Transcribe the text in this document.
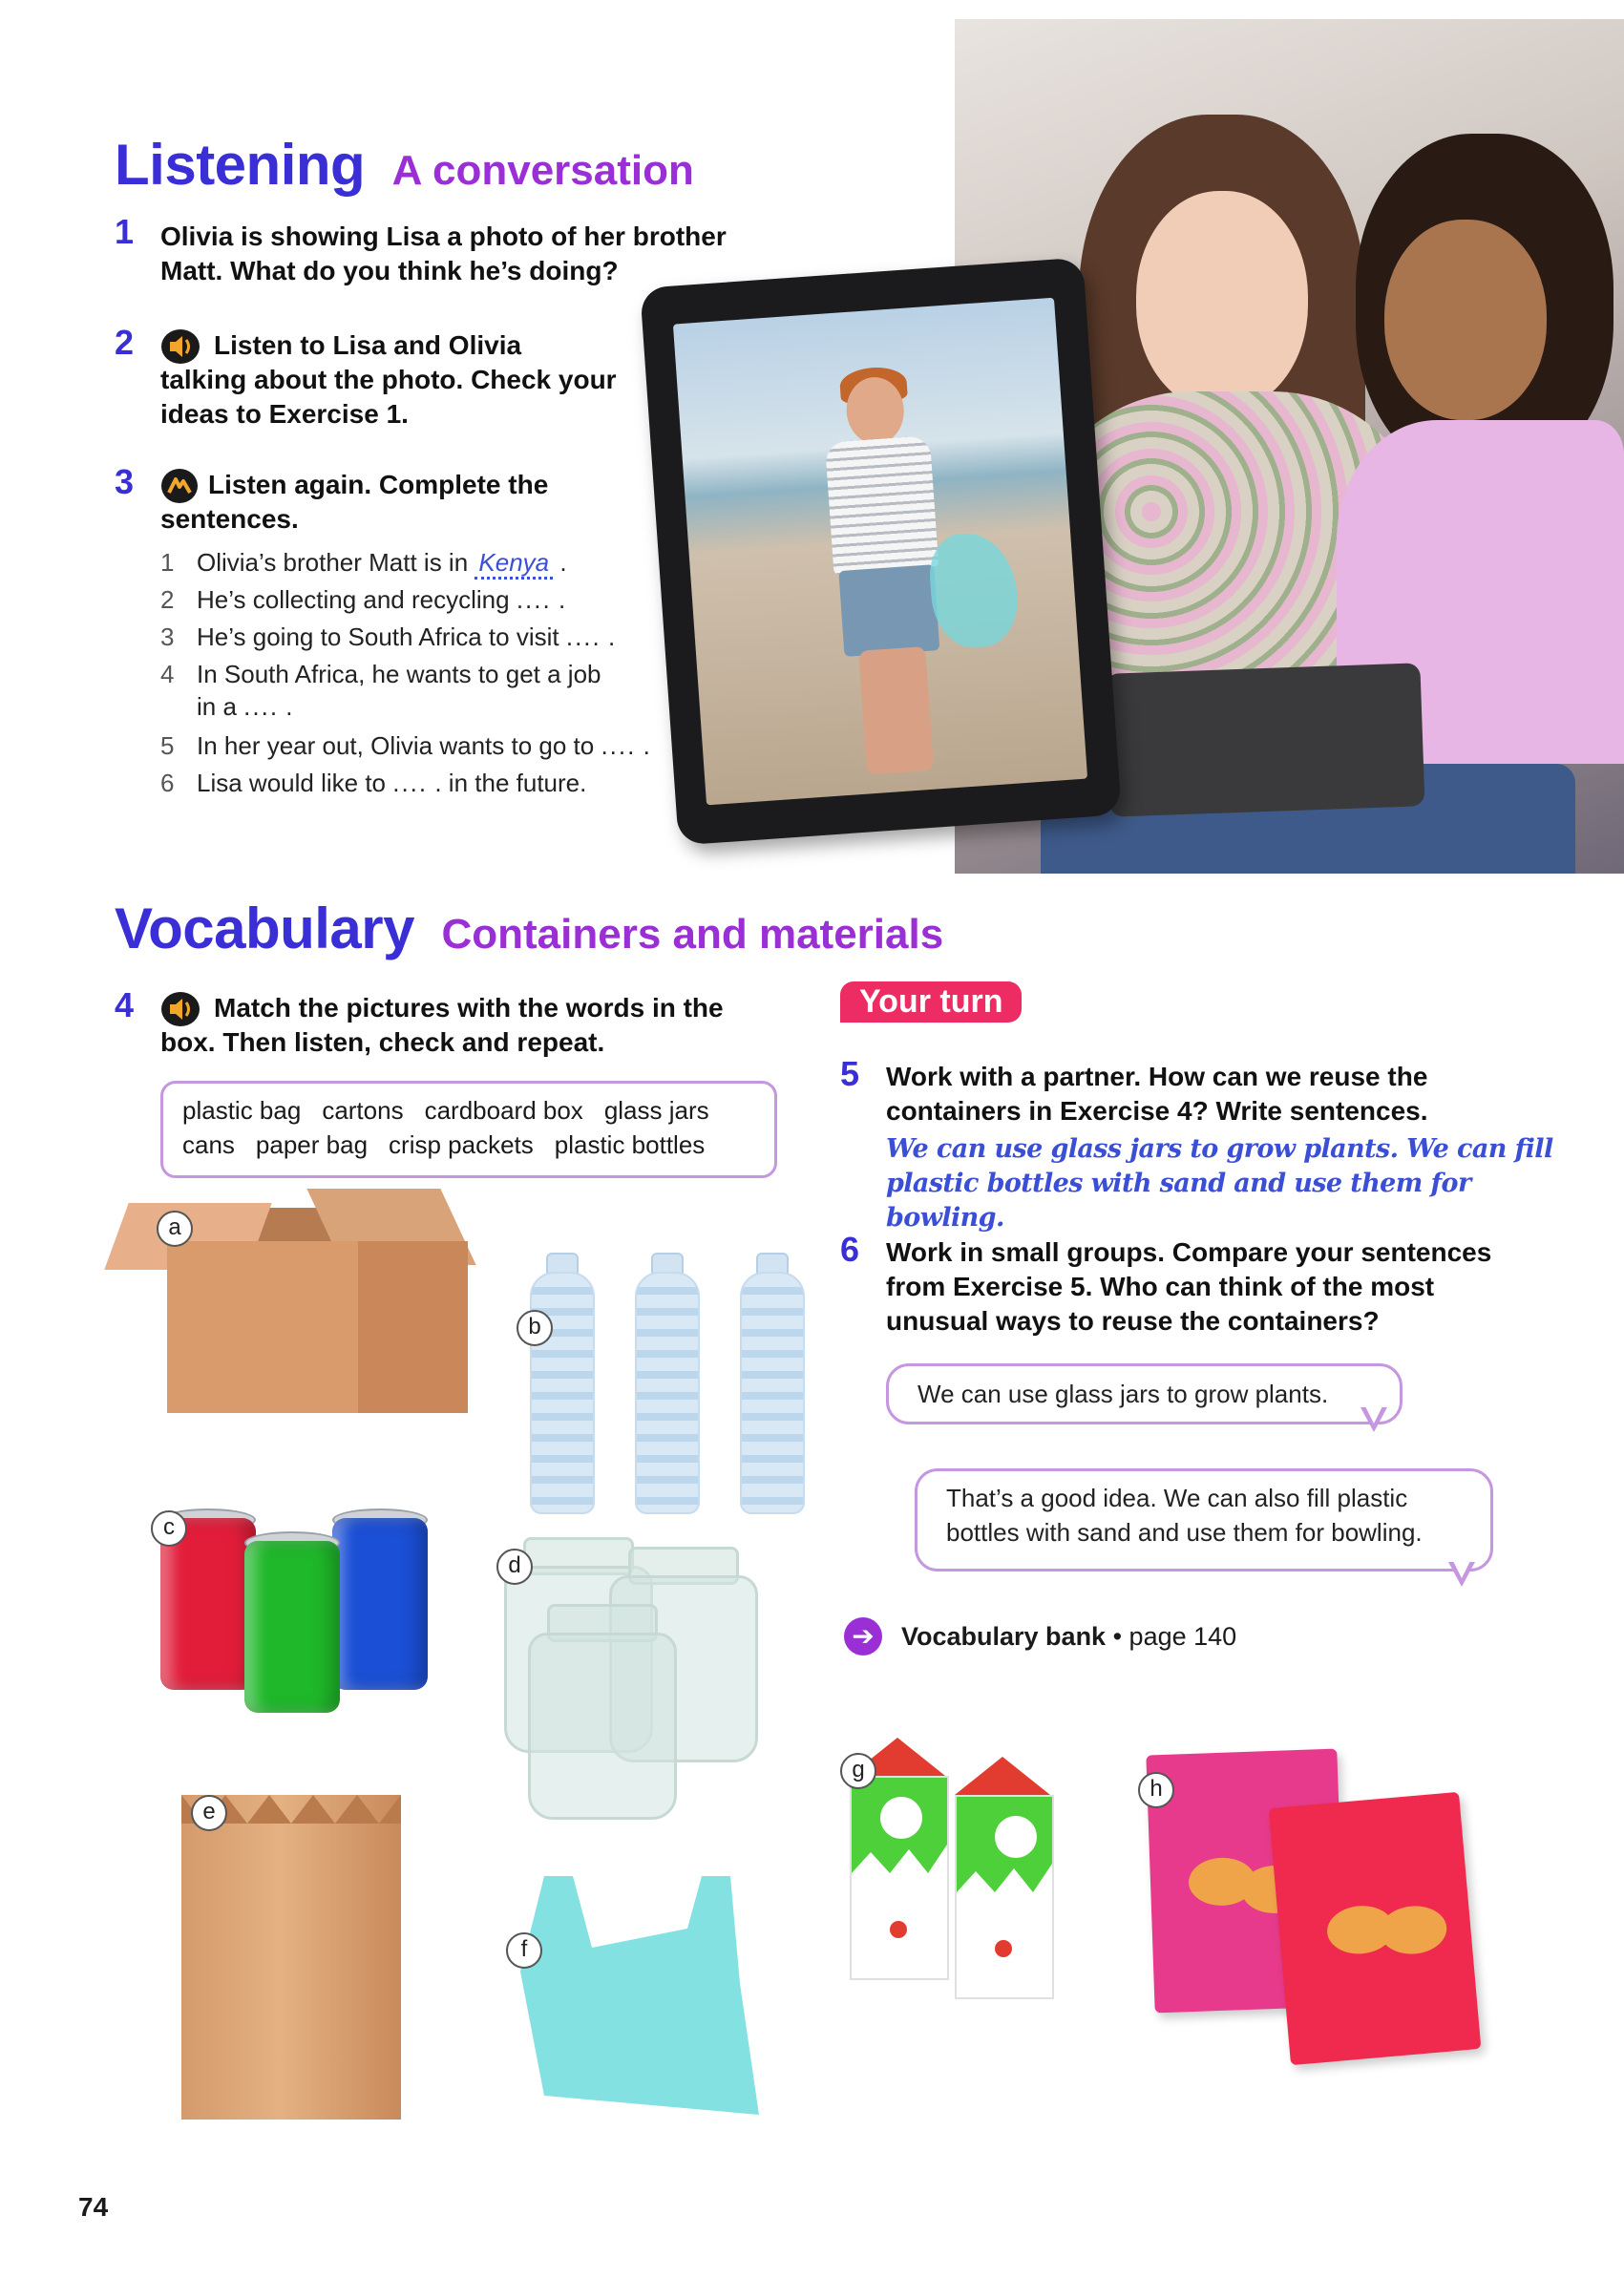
Listening A conversation
1 Olivia is showing Lisa a photo of her brother
Matt. What do you think he’s doing?
2	Listen to Lisa and Olivia
talking about the photo. Check your
ideas to Exercise 1.
3	Listen again. Complete the
sentences.
1 Olivia’s brother Matt is in Kenya .
2 He’s collecting and recycling .... .
3 He’s going to South Africa to visit .... .
4 In South Africa, he wants to get a job
in a .... .
5 In her year out, Olivia wants to go to .... .
6 Lisa would like to .... . in the future.
Vocabulary Containers and materials
4	Match the pictures with the words in the
box. Then listen, check and repeat.
plastic bag cartons cardboard box glass jars
cans paper bag crisp packets plastic bottles
a
b
c
d
e
f
g
h
Your turn
5 Work with a partner. How can we reuse the
containers in Exercise 4? Write sentences.
We can use glass jars to grow plants. We can fill
plastic bottles with sand and use them for bowling.
6 Work in small groups. Compare your sentences
from Exercise 5. Who can think of the most
unusual ways to reuse the containers?
We can use glass jars to grow plants.
That’s a good idea. We can also fill plastic
bottles with sand and use them for bowling.
➔	Vocabulary bank • page 140
74
